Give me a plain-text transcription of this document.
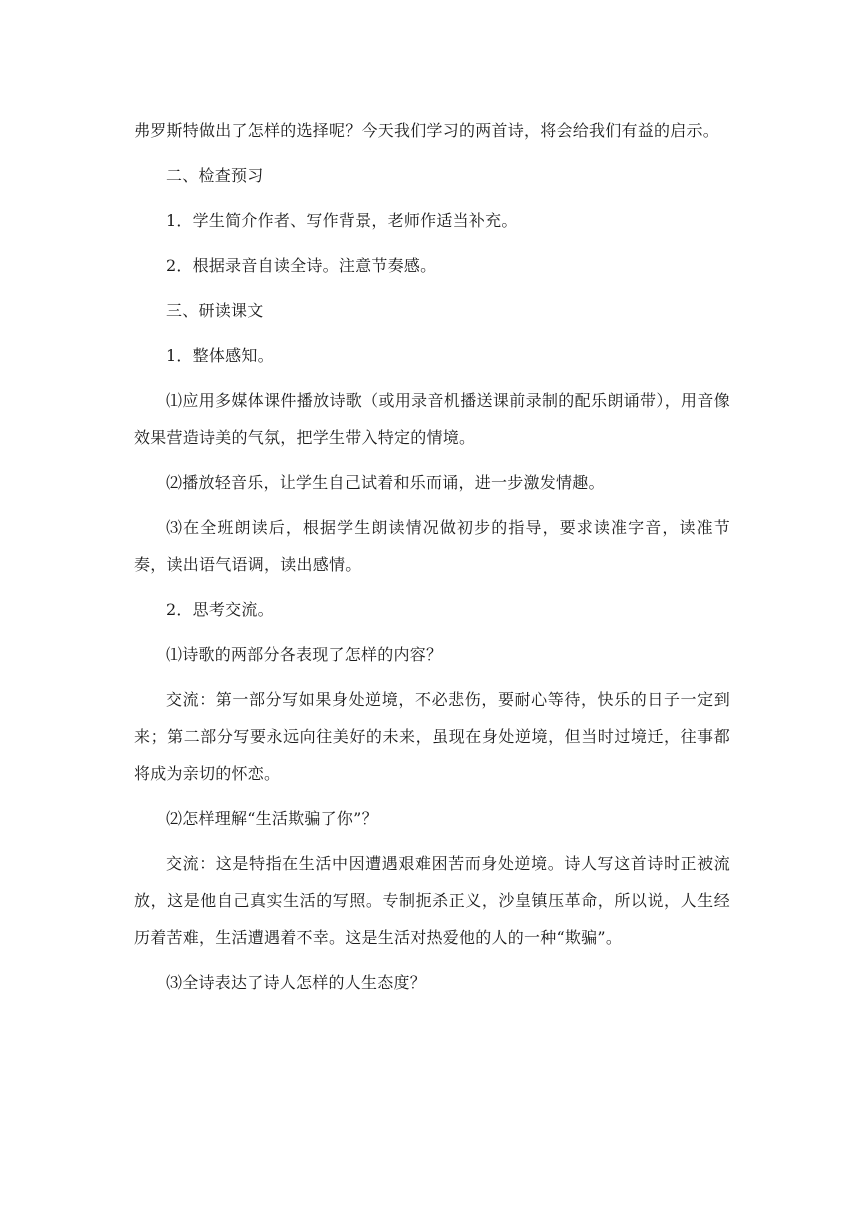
弗罗斯特做出了怎样的选择呢？今天我们学习的两首诗，将会给我们有益的启示。

二、检查预习

1．学生简介作者、写作背景，老师作适当补充。

2．根据录音自读全诗。注意节奏感。

三、研读课文

1．整体感知。

⑴应用多媒体课件播放诗歌（或用录音机播送课前录制的配乐朗诵带），用音像效果营造诗美的气氛，把学生带入特定的情境。

⑵播放轻音乐，让学生自己试着和乐而诵，进一步激发情趣。

⑶在全班朗读后，根据学生朗读情况做初步的指导，要求读准字音，读准节奏，读出语气语调，读出感情。

2．思考交流。

⑴诗歌的两部分各表现了怎样的内容？

交流：第一部分写如果身处逆境，不必悲伤，要耐心等待，快乐的日子一定到来；第二部分写要永远向往美好的未来，虽现在身处逆境，但当时过境迁，往事都将成为亲切的怀恋。

⑵怎样理解“生活欺骗了你”？

交流：这是特指在生活中因遭遇艰难困苦而身处逆境。诗人写这首诗时正被流放，这是他自己真实生活的写照。专制扼杀正义，沙皇镇压革命，所以说，人生经历着苦难，生活遭遇着不幸。这是生活对热爱他的人的一种“欺骗”。

⑶全诗表达了诗人怎样的人生态度？
